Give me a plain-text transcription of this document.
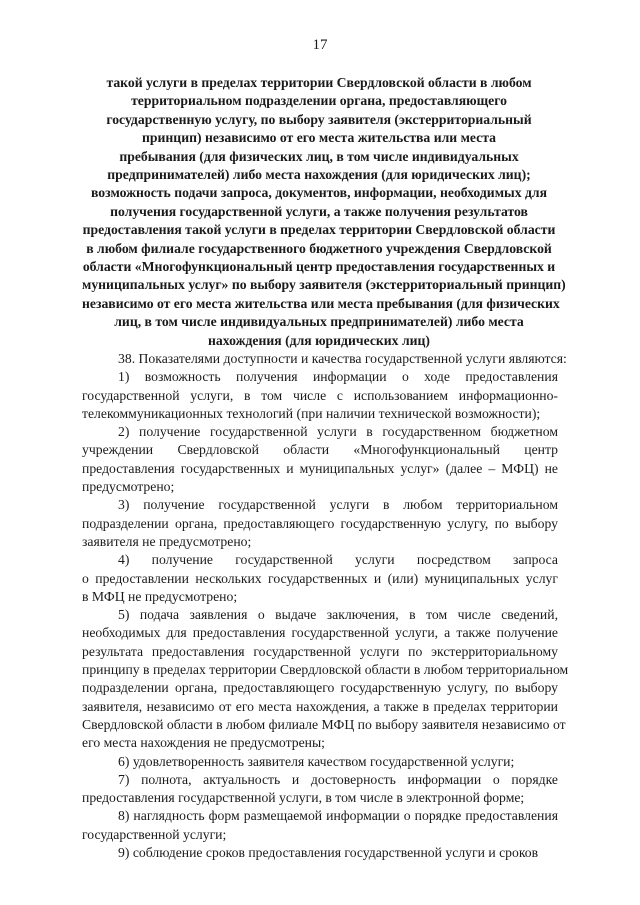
17
такой услуги в пределах территории Свердловской области в любом
территориальном подразделении органа, предоставляющего
государственную услугу, по выбору заявителя (экстерриториальный
принцип) независимо от его места жительства или места
пребывания (для физических лиц, в том числе индивидуальных
предпринимателей) либо места нахождения (для юридических лиц);
возможность подачи запроса, документов, информации, необходимых для
получения государственной услуги, а также получения результатов
предоставления такой услуги в пределах территории Свердловской области
в любом филиале государственного бюджетного учреждения Свердловской
области «Многофункциональный центр предоставления государственных и
муниципальных услуг» по выбору заявителя (экстерриториальный принцип)
независимо от его места жительства или места пребывания (для физических
лиц, в том числе индивидуальных предпринимателей) либо места
нахождения (для юридических лиц)

38. Показателями доступности и качества государственной услуги являются:

1) возможность получения информации о ходе предоставления
государственной услуги, в том числе с использованием информационно-
телекоммуникационных технологий (при наличии технической возможности);

2) получение государственной услуги в государственном бюджетном
учреждении Свердловской области «Многофункциональный центр
предоставления государственных и муниципальных услуг» (далее – МФЦ) не
предусмотрено;

3) получение государственной услуги в любом территориальном
подразделении органа, предоставляющего государственную услугу, по выбору
заявителя не предусмотрено;

4) получение государственной услуги посредством запроса
о предоставлении нескольких государственных и (или) муниципальных услуг
в МФЦ не предусмотрено;

5) подача заявления о выдаче заключения, в том числе сведений,
необходимых для предоставления государственной услуги, а также получение
результата предоставления государственной услуги по экстерриториальному
принципу в пределах территории Свердловской области в любом территориальном
подразделении органа, предоставляющего государственную услугу, по выбору
заявителя, независимо от его места нахождения, а также в пределах территории
Свердловской области в любом филиале МФЦ по выбору заявителя независимо от
его места нахождения не предусмотрены;

6) удовлетворенность заявителя качеством государственной услуги;

7) полнота, актуальность и достоверность информации о порядке
предоставления государственной услуги, в том числе в электронной форме;

8) наглядность форм размещаемой информации о порядке предоставления
государственной услуги;

9) соблюдение сроков предоставления государственной услуги и сроков
